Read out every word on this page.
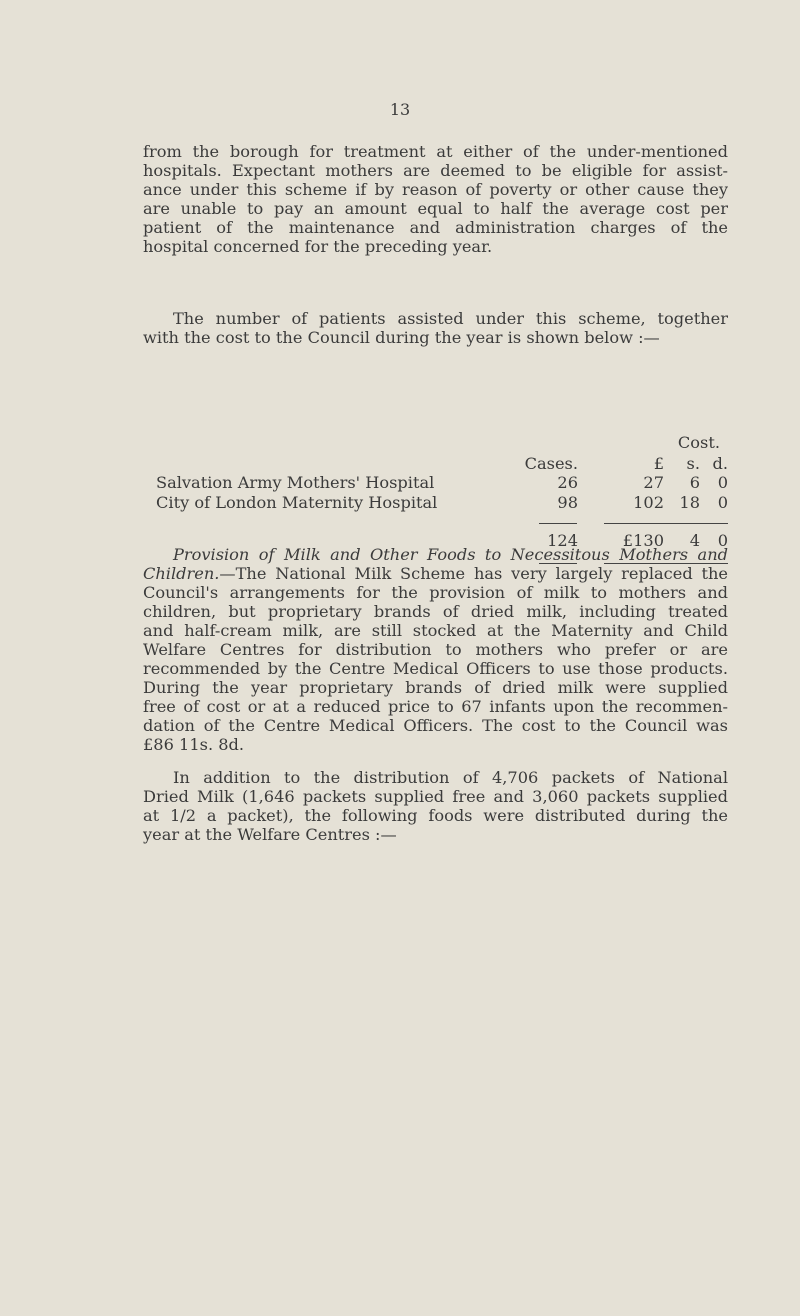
13
from the borough for treatment at either of the under-mentioned
hospitals. Expectant mothers are deemed to be eligible for assist-
ance under this scheme if by reason of poverty or other cause they
are unable to pay an amount equal to half the average cost per
patient of the maintenance and administration charges of the
hospital concerned for the preceding year.
The number of patients assisted under this scheme, together
with the cost to the Council during the year is shown below :—
Cost.
Cases.	£ s. d.
Salvation Army Mothers' Hospital	26	27 6 0
City of London Maternity Hospital	98	102 18 0
124	£130 4 0
Provision of Milk and Other Foods to Necessitous Mothers and
Children.—The National Milk Scheme has very largely replaced the
Council's arrangements for the provision of milk to mothers and
children, but proprietary brands of dried milk, including treated
and half-cream milk, are still stocked at the Maternity and Child
Welfare Centres for distribution to mothers who prefer or are
recommended by the Centre Medical Officers to use those products.
During the year proprietary brands of dried milk were supplied
free of cost or at a reduced price to 67 infants upon the recommen-
dation of the Centre Medical Officers. The cost to the Council was
£86 11s. 8d.
In addition to the distribution of 4,706 packets of National
Dried Milk (1,646 packets supplied free and 3,060 packets supplied
at 1/2 a packet), the following foods were distributed during the
year at the Welfare Centres :—
